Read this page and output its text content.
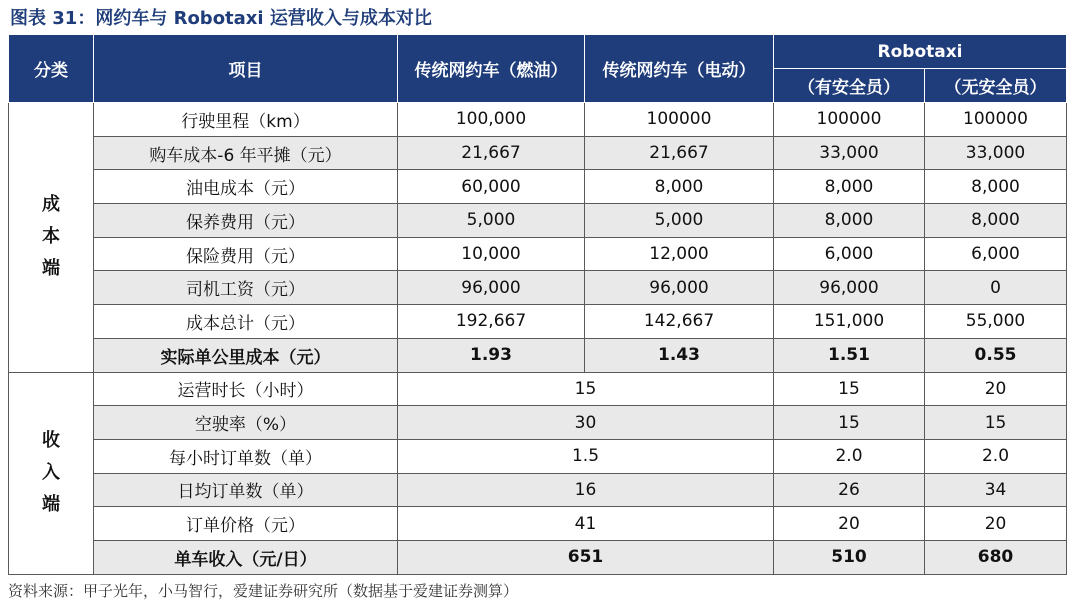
图表 31：网约车与 Robotaxi 运营收入与成本对比
分类	项目	传统网约车（燃油）	传统网约车（电动）	Robotaxi	
				（有安全员）	（无安全员）
成
本
端	行驶里程（km）	100,000	100000	100000	100000
	购车成本-6 年平摊（元）	21,667	21,667	33,000	33,000
	油电成本（元）	60,000	8,000	8,000	8,000
	保养费用（元）	5,000	5,000	8,000	8,000
	保险费用（元）	10,000	12,000	6,000	6,000
	司机工资（元）	96,000	96,000	96,000	0
	成本总计（元）	192,667	142,667	151,000	55,000
	实际单公里成本（元）	1.93	1.43	1.51	0.55
收
入
端	运营时长（小时）	15		15	20
	空驶率（%）	30		15	15
	每小时订单数（单）	1.5		2.0	2.0
	日均订单数（单）	16		26	34
	订单价格（元）	41		20	20
	单车收入（元/日）	651		510	680
资料来源：甲子光年，小马智行，爱建证券研究所（数据基于爱建证券测算）
